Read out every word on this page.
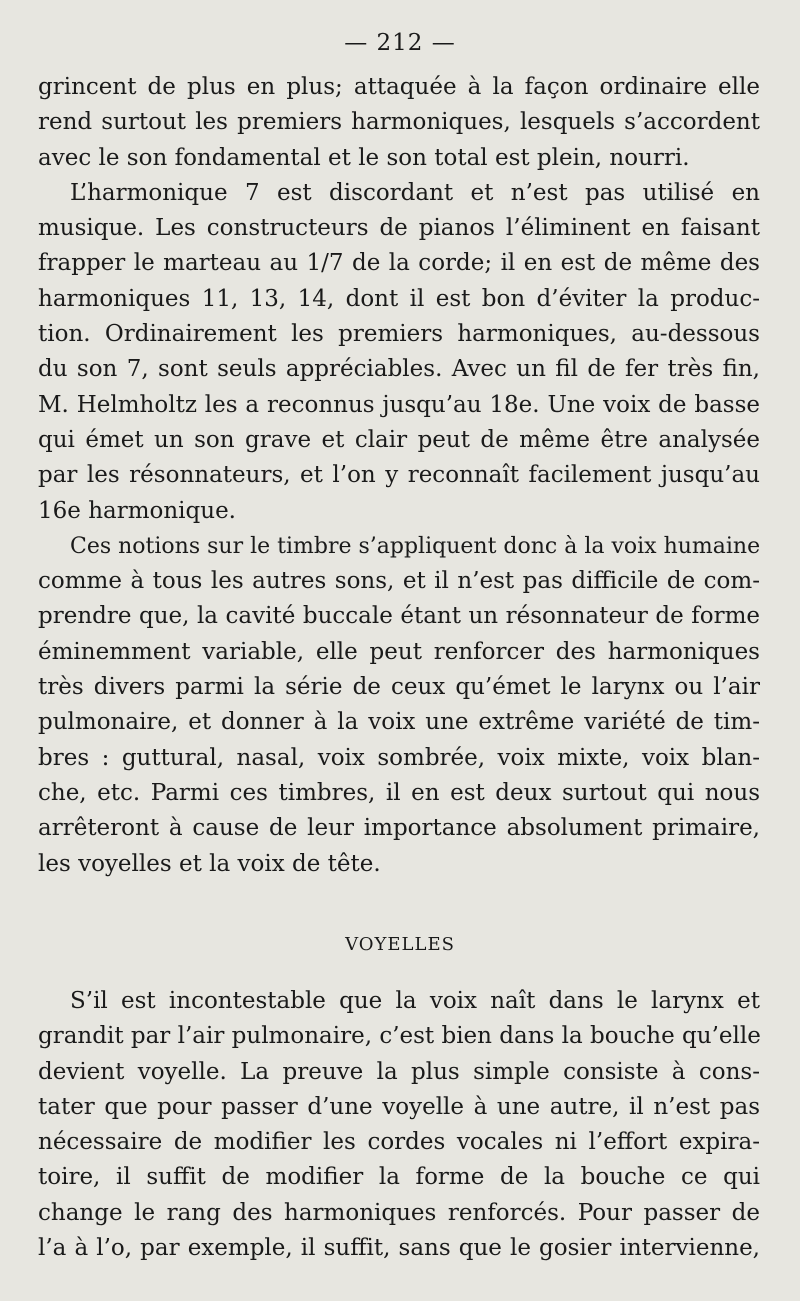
— 212 —
grincent de plus en plus; attaquée à la façon ordinaire elle
rend surtout les premiers harmoniques, lesquels s’accordent
avec le son fondamental et le son total est plein, nourri.
L’harmonique 7 est discordant et n’est pas utilisé en
musique. Les constructeurs de pianos l’éliminent en faisant
frapper le marteau au 1/7 de la corde; il en est de même des
harmoniques 11, 13, 14, dont il est bon d’éviter la produc-
tion. Ordinairement les premiers harmoniques, au-dessous
du son 7, sont seuls appréciables. Avec un fil de fer très fin,
M. Helmholtz les a reconnus jusqu’au 18e. Une voix de basse
qui émet un son grave et clair peut de même être analysée
par les résonnateurs, et l’on y reconnaît facilement jusqu’au
16e harmonique.
Ces notions sur le timbre s’appliquent donc à la voix humaine
comme à tous les autres sons, et il n’est pas difficile de com-
prendre que, la cavité buccale étant un résonnateur de forme
éminemment variable, elle peut renforcer des harmoniques
très divers parmi la série de ceux qu’émet le larynx ou l’air
pulmonaire, et donner à la voix une extrême variété de tim-
bres : guttural, nasal, voix sombrée, voix mixte, voix blan-
che, etc. Parmi ces timbres, il en est deux surtout qui nous
arrêteront à cause de leur importance absolument primaire,
les voyelles et la voix de tête.
VOYELLES
S’il est incontestable que la voix naît dans le larynx et
grandit par l’air pulmonaire, c’est bien dans la bouche qu’elle
devient voyelle. La preuve la plus simple consiste à cons-
tater que pour passer d’une voyelle à une autre, il n’est pas
nécessaire de modifier les cordes vocales ni l’effort expira-
toire, il suffit de modifier la forme de la bouche ce qui
change le rang des harmoniques renforcés. Pour passer de
l’a à l’o, par exemple, il suffit, sans que le gosier intervienne,
